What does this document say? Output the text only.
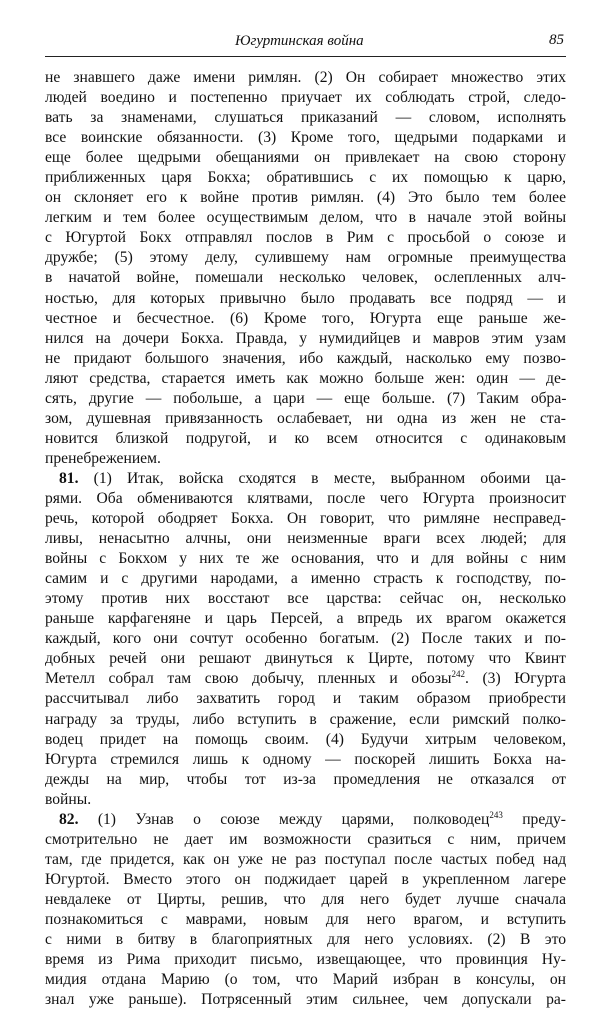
Югуртинская война	85
не знавшего даже имени римлян. (2) Он собирает множество этих
людей воедино и постепенно приучает их соблюдать строй, следо-
вать за знаменами, слушаться приказаний — словом, исполнять
все воинские обязанности. (3) Кроме того, щедрыми подарками и
еще более щедрыми обещаниями он привлекает на свою сторону
приближенных царя Бокха; обратившись с их помощью к царю,
он склоняет его к войне против римлян. (4) Это было тем более
легким и тем более осуществимым делом, что в начале этой войны
с Югуртой Бокх отправлял послов в Рим с просьбой о союзе и
дружбе; (5) этому делу, сулившему нам огромные преимущества
в начатой войне, помешали несколько человек, ослепленных алч-
ностью, для которых привычно было продавать все подряд — и
честное и бесчестное. (6) Кроме того, Югурта еще раньше же-
нился на дочери Бокха. Правда, у нумидийцев и мавров этим узам
не придают большого значения, ибо каждый, насколько ему позво-
ляют средства, старается иметь как можно больше жен: один — де-
сять, другие — побольше, а цари — еще больше. (7) Таким обра-
зом, душевная привязанность ослабевает, ни одна из жен не ста-
новится близкой подругой, и ко всем относится с одинаковым
пренебрежением.
81. (1) Итак, войска сходятся в месте, выбранном обоими ца-
рями. Оба обмениваются клятвами, после чего Югурта произносит
речь, которой ободряет Бокха. Он говорит, что римляне несправед-
ливы, ненасытно алчны, они неизменные враги всех людей; для
войны с Бокхом у них те же основания, что и для войны с ним
самим и с другими народами, а именно страсть к господству, по-
этому против них восстают все царства: сейчас он, несколько
раньше карфагеняне и царь Персей, а впредь их врагом окажется
каждый, кого они сочтут особенно богатым. (2) После таких и по-
добных речей они решают двинуться к Цирте, потому что Квинт
Метелл собрал там свою добычу, пленных и обозы$^{242}$. (3) Югурта
рассчитывал либо захватить город и таким образом приобрести
награду за труды, либо вступить в сражение, если римский полко-
водец придет на помощь своим. (4) Будучи хитрым человеком,
Югурта стремился лишь к одному — поскорей лишить Бокха на-
дежды на мир, чтобы тот из-за промедления не отказался от
войны.
82. (1) Узнав о союзе между царями, полководец$^{243}$ преду-
смотрительно не дает им возможности сразиться с ним, причем
там, где придется, как он уже не раз поступал после частых побед над
Югуртой. Вместо этого он поджидает царей в укрепленном лагере
невдалеке от Цирты, решив, что для него будет лучше сначала
познакомиться с маврами, новым для него врагом, и вступить
с ними в битву в благоприятных для него условиях. (2) В это
время из Рима приходит письмо, извещающее, что провинция Ну-
мидия отдана Марию (о том, что Марий избран в консулы, он
знал уже раньше). Потрясенный этим сильнее, чем допускали ра-
